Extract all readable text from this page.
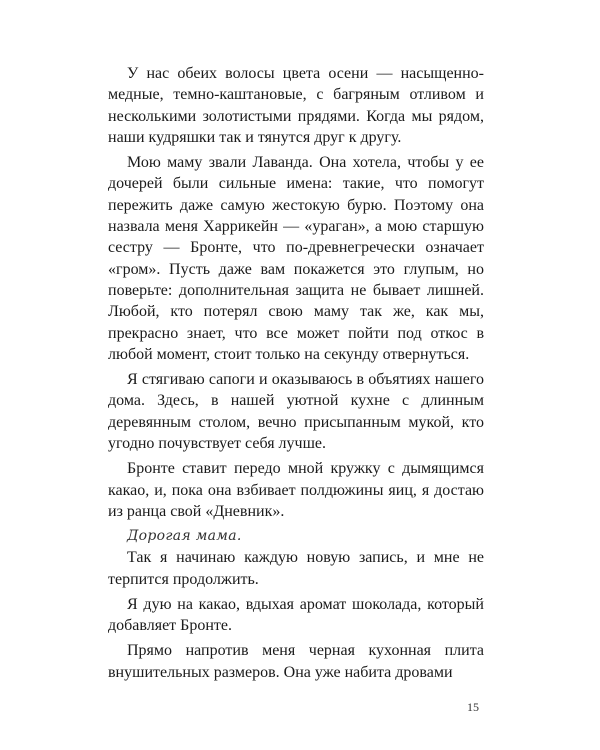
У нас обеих волосы цвета осени — насыщенно-медные, темно-каштановые, с багряным отливом и несколькими золотистыми прядями. Когда мы рядом, наши кудряшки так и тянутся друг к другу.

Мою маму звали Лаванда. Она хотела, чтобы у ее дочерей были сильные имена: такие, что помогут пережить даже самую жестокую бурю. Поэтому она назвала меня Харрикейн — «ураган», а мою старшую сестру — Бронте, что по-древнегречески означает «гром». Пусть даже вам покажется это глупым, но поверьте: дополнительная защита не бывает лишней. Любой, кто потерял свою маму так же, как мы, прекрасно знает, что все может пойти под откос в любой момент, стоит только на секунду отвернуться.

Я стягиваю сапоги и оказываюсь в объятиях нашего дома. Здесь, в нашей уютной кухне с длинным деревянным столом, вечно присыпанным мукой, кто угодно почувствует себя лучше.

Бронте ставит передо мной кружку с дымящимся какао, и, пока она взбивает полдюжины яиц, я достаю из ранца свой «Дневник».

Дорогая мама.

Так я начинаю каждую новую запись, и мне не терпится продолжить.

Я дую на какао, вдыхая аромат шоколада, который добавляет Бронте.

Прямо напротив меня черная кухонная плита внушительных размеров. Она уже набита дровами

15
